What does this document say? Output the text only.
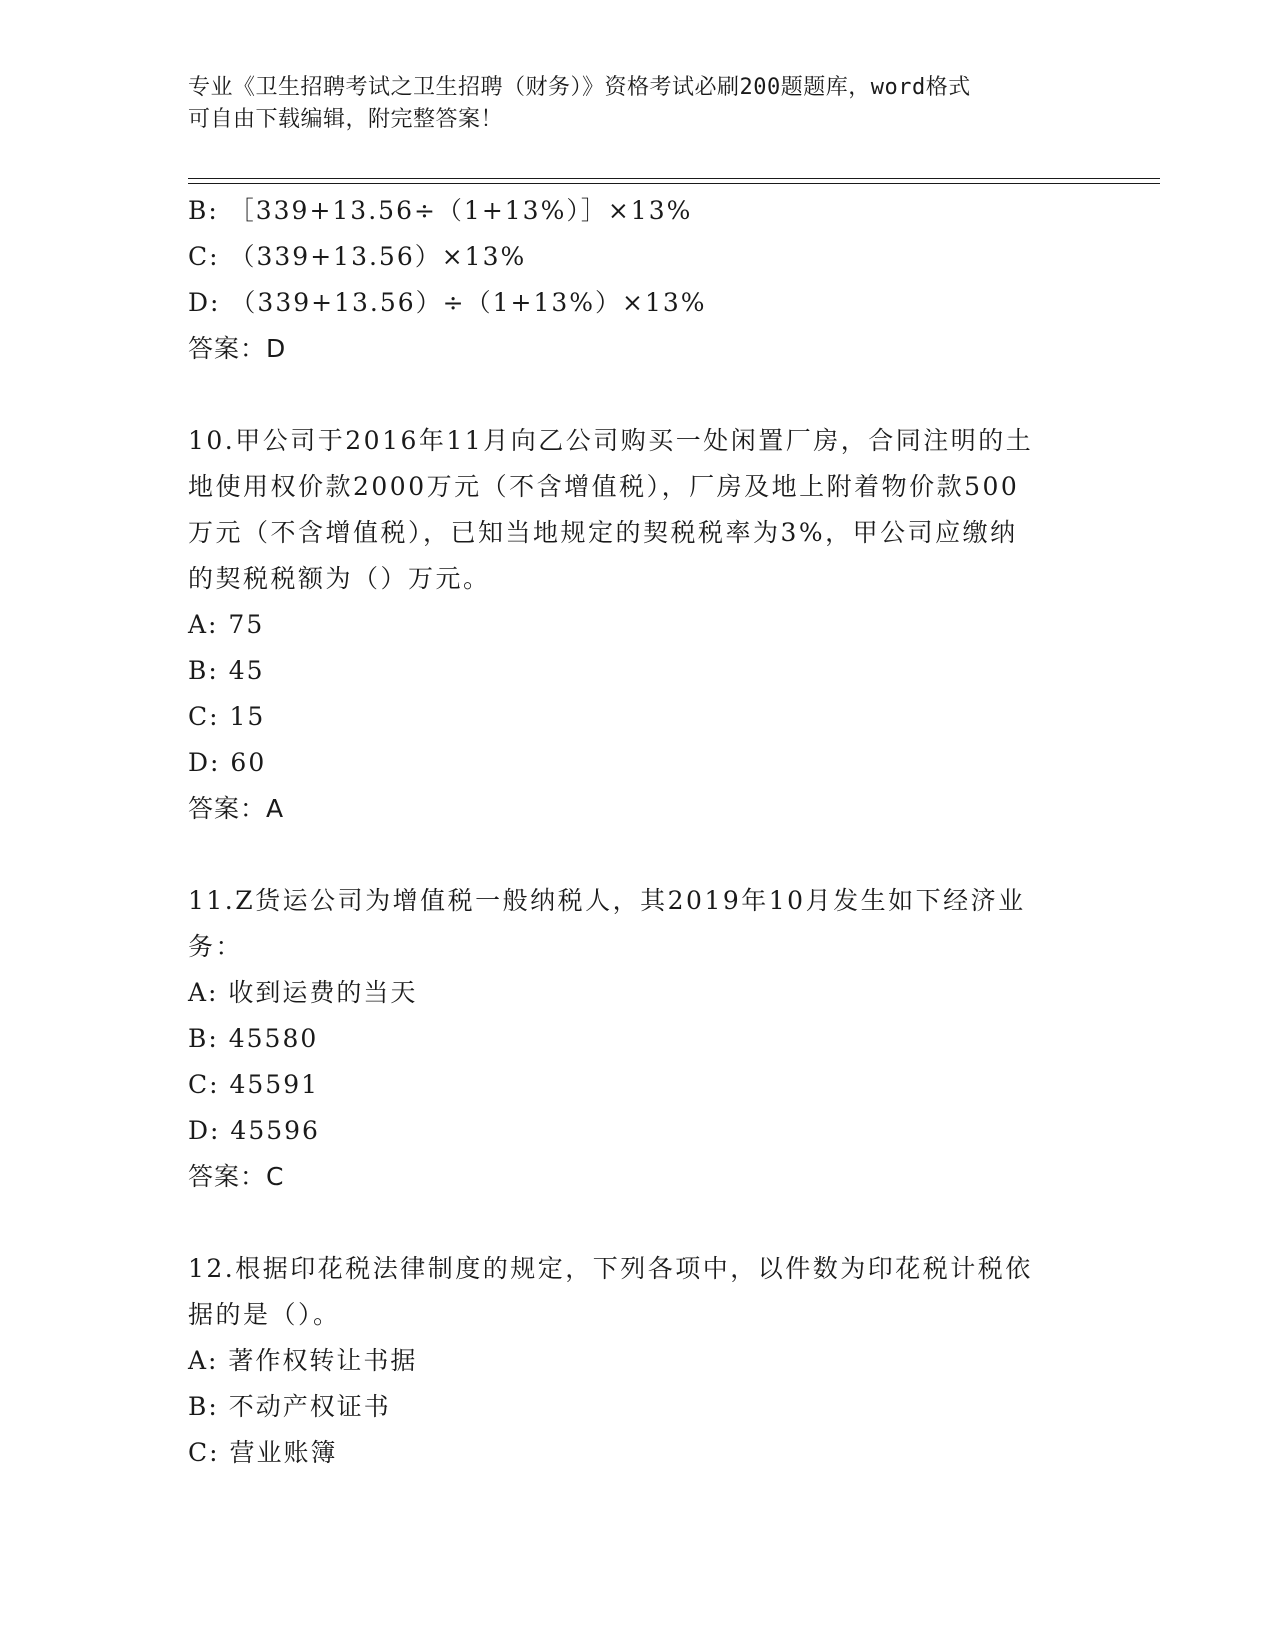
专业《卫生招聘考试之卫生招聘（财务）》资格考试必刷200题题库，word格式
可自由下载编辑，附完整答案！
B: ［339+13.56÷（1+13%）］×13%
C: （339+13.56）×13%
D: （339+13.56）÷（1+13%）×13%
答案：D
10.甲公司于2016年11月向乙公司购买一处闲置厂房，合同注明的土
地使用权价款2000万元（不含增值税），厂房及地上附着物价款500
万元（不含增值税），已知当地规定的契税税率为3%，甲公司应缴纳
的契税税额为（）万元。
A: 75
B: 45
C: 15
D: 60
答案：A
11.Z货运公司为增值税一般纳税人，其2019年10月发生如下经济业
务：
A: 收到运费的当天
B: 45580
C: 45591
D: 45596
答案：C
12.根据印花税法律制度的规定，下列各项中，以件数为印花税计税依
据的是（）。
A: 著作权转让书据
B: 不动产权证书
C: 营业账簿
